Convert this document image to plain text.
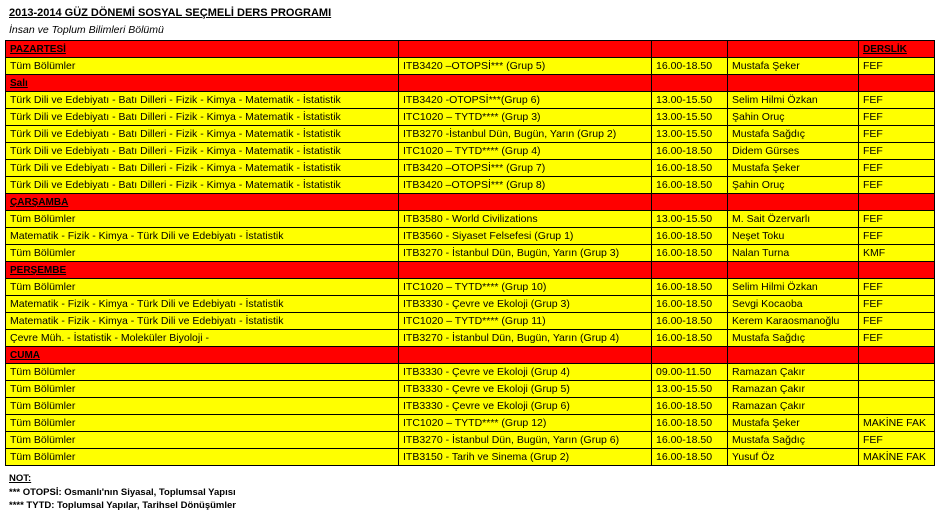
2013-2014 GÜZ DÖNEMİ SOSYAL SEÇMELİ DERS PROGRAMI
İnsan ve Toplum Bilimleri Bölümü
PAZARTESİ				DERSLİK
Tüm Bölümler	ITB3420 –OTOPSİ*** (Grup 5)	16.00-18.50	Mustafa Şeker	FEF
Salı				
Türk Dili ve Edebiyatı - Batı Dilleri - Fizik - Kimya - Matematik - İstatistik	ITB3420 -OTOPSİ***(Grup 6)	13.00-15.50	Selim Hilmi Özkan	FEF
Türk Dili ve Edebiyatı - Batı Dilleri - Fizik - Kimya - Matematik - İstatistik	ITC1020 – TYTD**** (Grup 3)	13.00-15.50	Şahin Oruç	FEF
Türk Dili ve Edebiyatı - Batı Dilleri - Fizik - Kimya - Matematik - İstatistik	ITB3270 -İstanbul Dün, Bugün, Yarın (Grup 2)	13.00-15.50	Mustafa Sağdıç	FEF
Türk Dili ve Edebiyatı - Batı Dilleri - Fizik - Kimya - Matematik - İstatistik	ITC1020 – TYTD**** (Grup 4)	16.00-18.50	Didem Gürses	FEF
Türk Dili ve Edebiyatı - Batı Dilleri - Fizik - Kimya - Matematik - İstatistik	ITB3420 –OTOPSİ*** (Grup 7)	16.00-18.50	Mustafa Şeker	FEF
Türk Dili ve Edebiyatı - Batı Dilleri - Fizik - Kimya - Matematik - İstatistik	ITB3420 –OTOPSİ*** (Grup 8)	16.00-18.50	Şahin Oruç	FEF
ÇARŞAMBA				
Tüm Bölümler	ITB3580 - World Civilizations	13.00-15.50	M. Sait Özervarlı	FEF
Matematik - Fizik - Kimya - Türk Dili ve Edebiyatı - İstatistik	ITB3560 - Siyaset Felsefesi (Grup 1)	16.00-18.50	Neşet Toku	FEF
Tüm Bölümler	ITB3270 - İstanbul Dün, Bugün, Yarın (Grup 3)	16.00-18.50	Nalan Turna	KMF
PERŞEMBE				
Tüm Bölümler	ITC1020 – TYTD**** (Grup 10)	16.00-18.50	Selim Hilmi Özkan	FEF
Matematik - Fizik - Kimya - Türk Dili ve Edebiyatı - İstatistik	ITB3330 - Çevre ve Ekoloji (Grup 3)	16.00-18.50	Sevgi Kocaoba	FEF
Matematik - Fizik - Kimya - Türk Dili ve Edebiyatı - İstatistik	ITC1020 – TYTD**** (Grup 11)	16.00-18.50	Kerem Karaosmanoğlu	FEF
Çevre Müh. - İstatistik - Moleküler Biyoloji -	ITB3270 - İstanbul Dün, Bugün, Yarın (Grup 4)	16.00-18.50	Mustafa Sağdıç	FEF
CUMA				
Tüm Bölümler	ITB3330 - Çevre ve Ekoloji (Grup 4)	09.00-11.50	Ramazan Çakır	
Tüm Bölümler	ITB3330 - Çevre ve Ekoloji (Grup 5)	13.00-15.50	Ramazan Çakır	
Tüm Bölümler	ITB3330 - Çevre ve Ekoloji (Grup 6)	16.00-18.50	Ramazan Çakır	
Tüm Bölümler	ITC1020 – TYTD**** (Grup 12)	16.00-18.50	Mustafa Şeker	MAKİNE FAK
Tüm Bölümler	ITB3270 - İstanbul Dün, Bugün, Yarın (Grup 6)	16.00-18.50	Mustafa Sağdıç	FEF
Tüm Bölümler	ITB3150 - Tarih ve Sinema (Grup 2)	16.00-18.50	Yusuf Öz	MAKİNE FAK
NOT:
*** OTOPSİ: Osmanlı'nın Siyasal, Toplumsal Yapısı
**** TYTD: Toplumsal Yapılar, Tarihsel Dönüşümler
